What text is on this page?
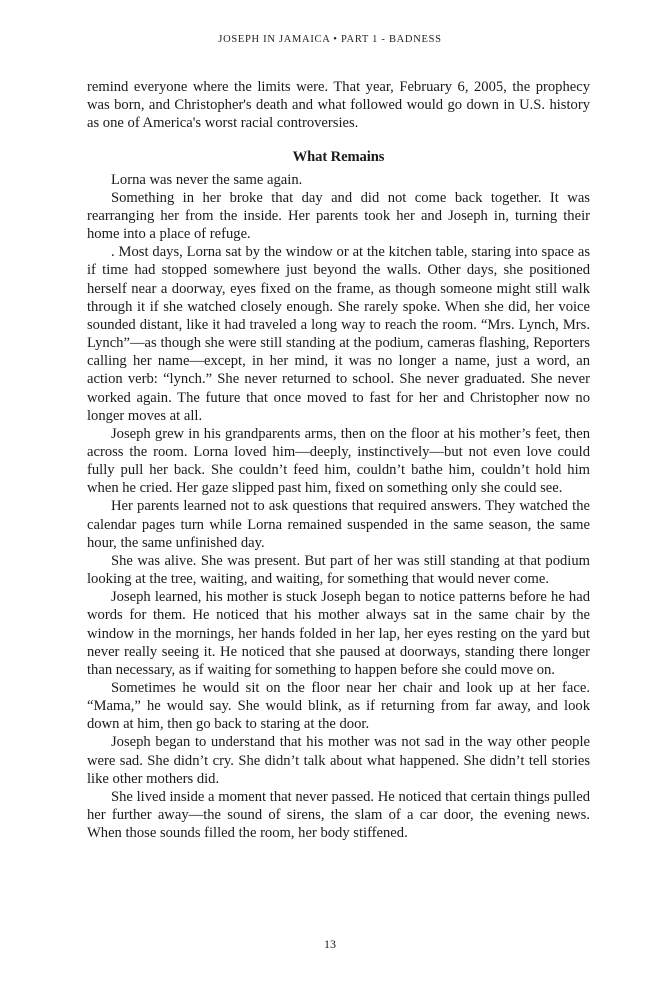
JOSEPH IN JAMAICA • PART 1 - BADNESS

remind everyone where the limits were. That year, February 6, 2005, the prophecy was born, and Christopher's death and what followed would go down in U.S. history as one of America's worst racial controversies.

What Remains

Lorna was never the same again.

Something in her broke that day and did not come back together. It was rearranging her from the inside. Her parents took her and Joseph in, turning their home into a place of refuge.

. Most days, Lorna sat by the window or at the kitchen table, staring into space as if time had stopped somewhere just beyond the walls. Other days, she positioned herself near a doorway, eyes fixed on the frame, as though someone might still walk through it if she watched closely enough. She rarely spoke. When she did, her voice sounded distant, like it had traveled a long way to reach the room. “Mrs. Lynch, Mrs. Lynch”—as though she were still standing at the podium, cameras flashing, Reporters calling her name—except, in her mind, it was no longer a name, just a word, an action verb: “lynch.” She never returned to school. She never graduated. She never worked again. The future that once moved to fast for her and Christopher now no longer moves at all.

Joseph grew in his grandparents arms, then on the floor at his mother’s feet, then across the room. Lorna loved him—deeply, instinctively—but not even love could fully pull her back. She couldn’t feed him, couldn’t bathe him, couldn’t hold him when he cried. Her gaze slipped past him, fixed on something only she could see.

Her parents learned not to ask questions that required answers. They watched the calendar pages turn while Lorna remained suspended in the same season, the same hour, the same unfinished day.

She was alive. She was present. But part of her was still standing at that podium looking at the tree, waiting, and waiting, for something that would never come.

Joseph learned, his mother is stuck Joseph began to notice patterns before he had words for them. He noticed that his mother always sat in the same chair by the window in the mornings, her hands folded in her lap, her eyes resting on the yard but never really seeing it. He noticed that she paused at doorways, standing there longer than necessary, as if waiting for something to happen before she could move on.

Sometimes he would sit on the floor near her chair and look up at her face. “Mama,” he would say. She would blink, as if returning from far away, and look down at him, then go back to staring at the door.

Joseph began to understand that his mother was not sad in the way other people were sad. She didn’t cry. She didn’t talk about what happened. She didn’t tell stories like other mothers did.

She lived inside a moment that never passed. He noticed that certain things pulled her further away—the sound of sirens, the slam of a car door, the evening news. When those sounds filled the room, her body stiffened.

13
